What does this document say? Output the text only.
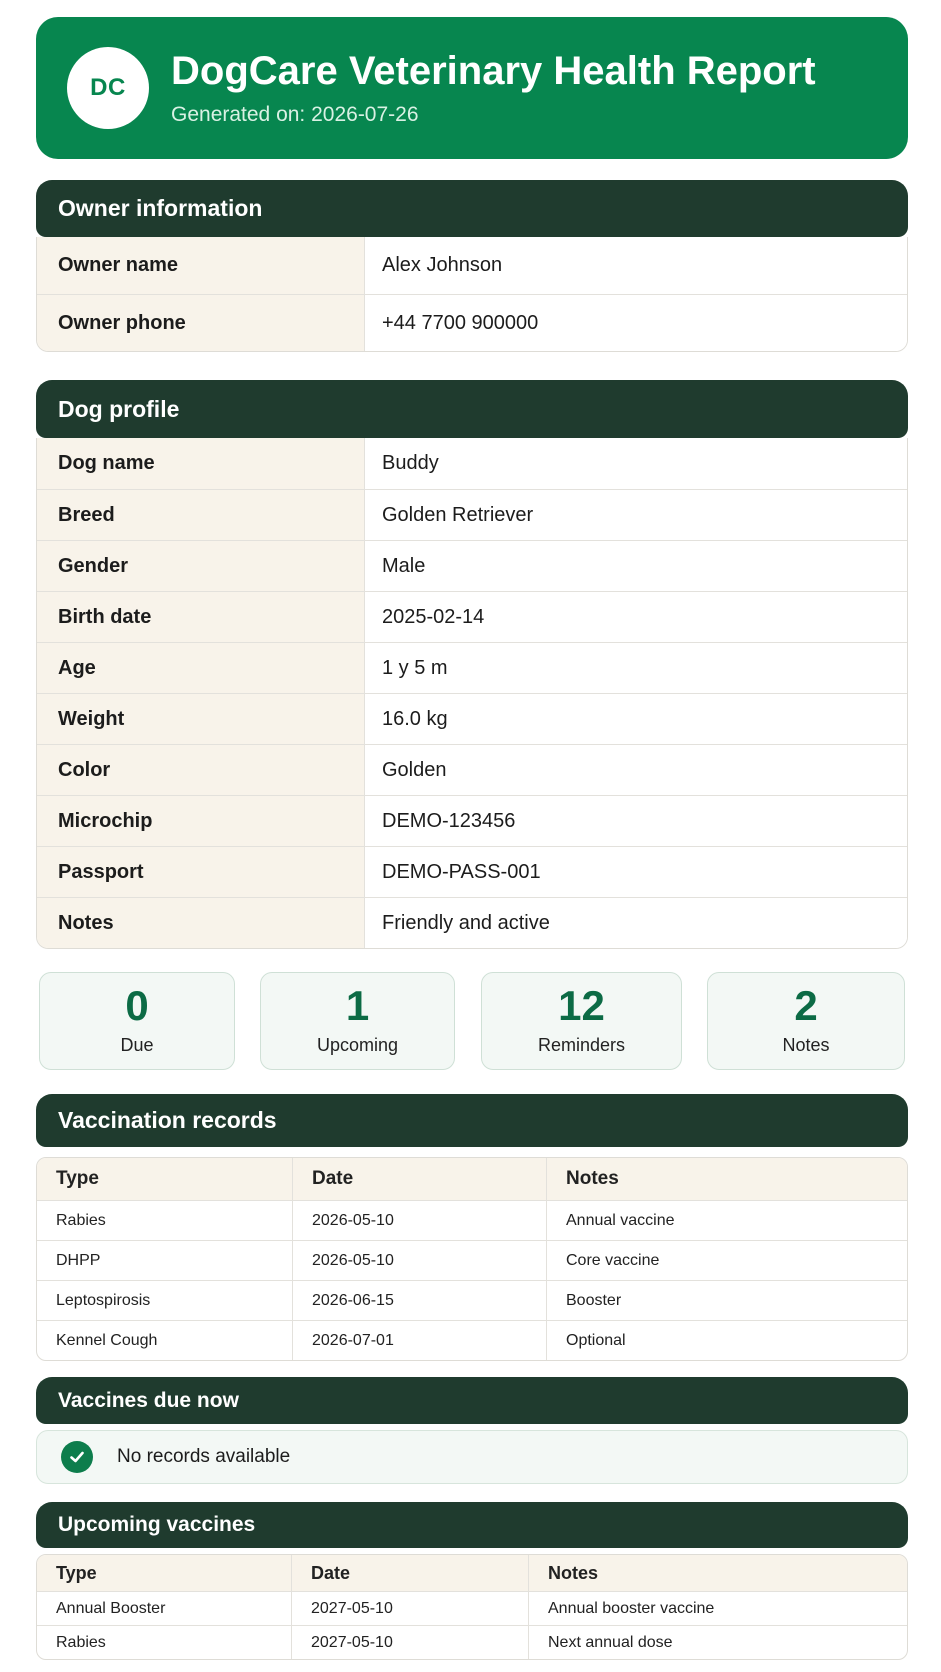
DC	DogCare Veterinary Health Report
Generated on: 2026-07-26
Owner information
Owner name	Alex Johnson
Owner phone	+44 7700 900000
Dog profile
Dog name	Buddy
Breed	Golden Retriever
Gender	Male
Birth date	2025-02-14
Age	1 y 5 m
Weight	16.0 kg
Color	Golden
Microchip	DEMO-123456
Passport	DEMO-PASS-001
Notes	Friendly and active
0
Due
1
Upcoming
12
Reminders
2
Notes
Vaccination records
Type	Date	Notes
Rabies	2026-05-10	Annual vaccine
DHPP	2026-05-10	Core vaccine
Leptospirosis	2026-06-15	Booster
Kennel Cough	2026-07-01	Optional
Vaccines due now
No records available
Upcoming vaccines
Type	Date	Notes
Annual Booster	2027-05-10	Annual booster vaccine
Rabies	2027-05-10	Next annual dose
